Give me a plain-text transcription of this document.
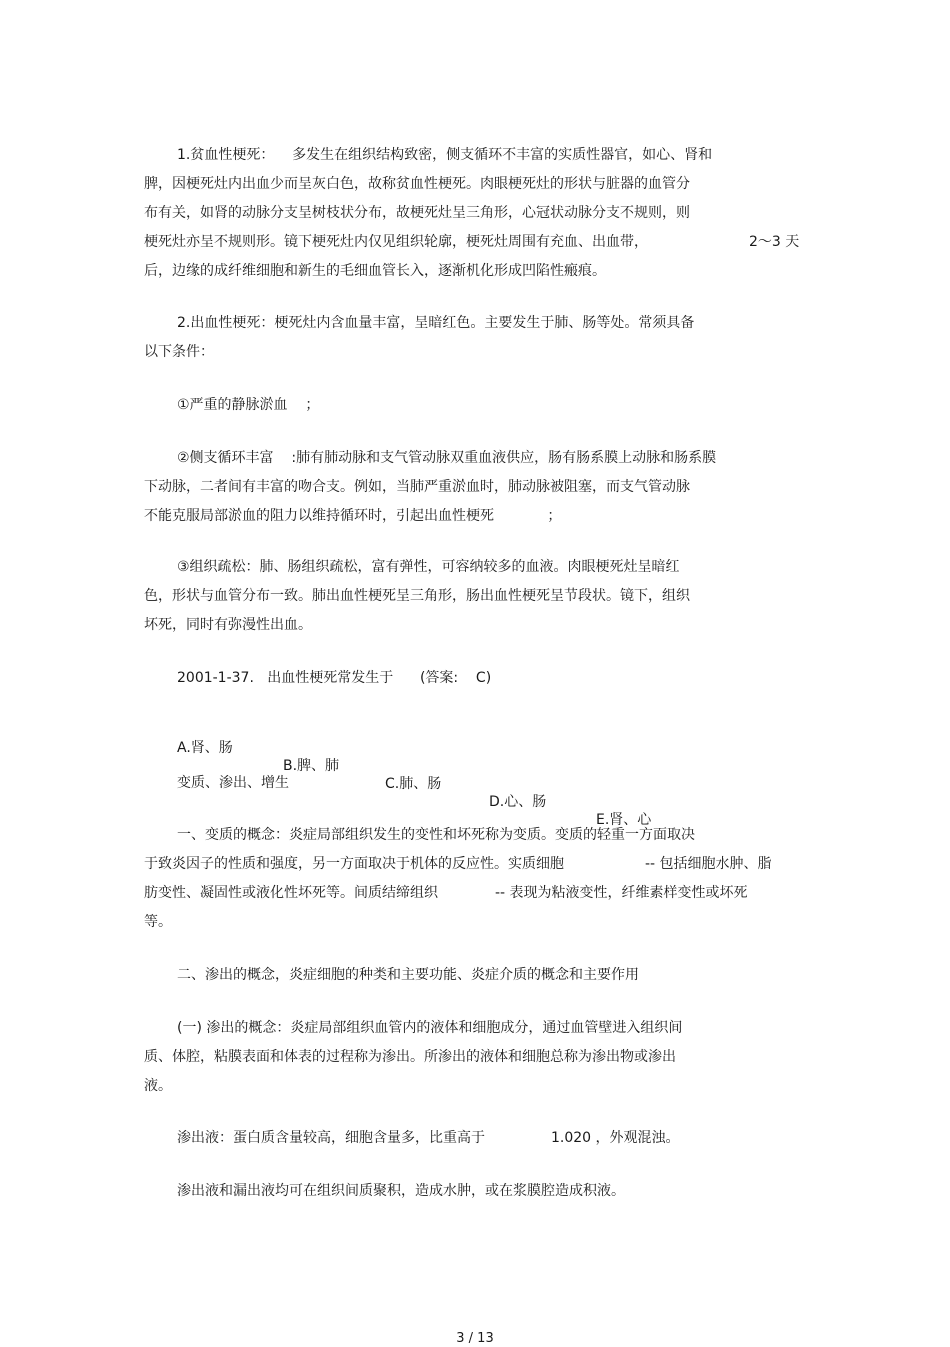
1.贫血性梗死：    多发生在组织结构致密，侧支循环不丰富的实质性器官，如心、肾和
脾，因梗死灶内出血少而呈灰白色，故称贫血性梗死。肉眼梗死灶的形状与脏器的血管分
布有关，如肾的动脉分支呈树枝状分布，故梗死灶呈三角形，心冠状动脉分支不规则，则
梗死灶亦呈不规则形。镜下梗死灶内仅见组织轮廓，梗死灶周围有充血、出血带，	2～3 天
后，边缘的成纤维细胞和新生的毛细血管长入，逐渐机化形成凹陷性瘢痕。
2.出血性梗死：梗死灶内含血量丰富，呈暗红色。主要发生于肺、肠等处。常须具备
以下条件：
①严重的静脉淤血    ；
②侧支循环丰富    :肺有肺动脉和支气管动脉双重血液供应，肠有肠系膜上动脉和肠系膜
下动脉，二者间有丰富的吻合支。例如，当肺严重淤血时，肺动脉被阻塞，而支气管动脉
不能克服局部淤血的阻力以维持循环时，引起出血性梗死            ；
③组织疏松：肺、肠组织疏松，富有弹性，可容纳较多的血液。肉眼梗死灶呈暗红
色，形状与血管分布一致。肺出血性梗死呈三角形，肠出血性梗死呈节段状。镜下，组织
坏死，同时有弥漫性出血。
2001-1-37.   出血性梗死常发生于      (答案:    C)

A.肾、肠

B.脾、肺

C.肺、肠

D.心、肠

E.肾、心

变质、渗出、增生
一、变质的概念：炎症局部组织发生的变性和坏死称为变质。变质的轻重一方面取决
于致炎因子的性质和强度，另一方面取决于机体的反应性。实质细胞	-- 包括细胞水肿、脂
肪变性、凝固性或液化性坏死等。间质结缔组织	-- 表现为粘液变性，纤维素样变性或坏死
等。
二、渗出的概念，炎症细胞的种类和主要功能、炎症介质的概念和主要作用
(一) 渗出的概念：炎症局部组织血管内的液体和细胞成分，通过血管壁进入组织间
质、体腔，粘膜表面和体表的过程称为渗出。所渗出的液体和细胞总称为渗出物或渗出
液。
渗出液：蛋白质含量较高，细胞含量多，比重高于	1.020 ，外观混浊。
渗出液和漏出液均可在组织间质聚积，造成水肿，或在浆膜腔造成积液。
3 / 13
